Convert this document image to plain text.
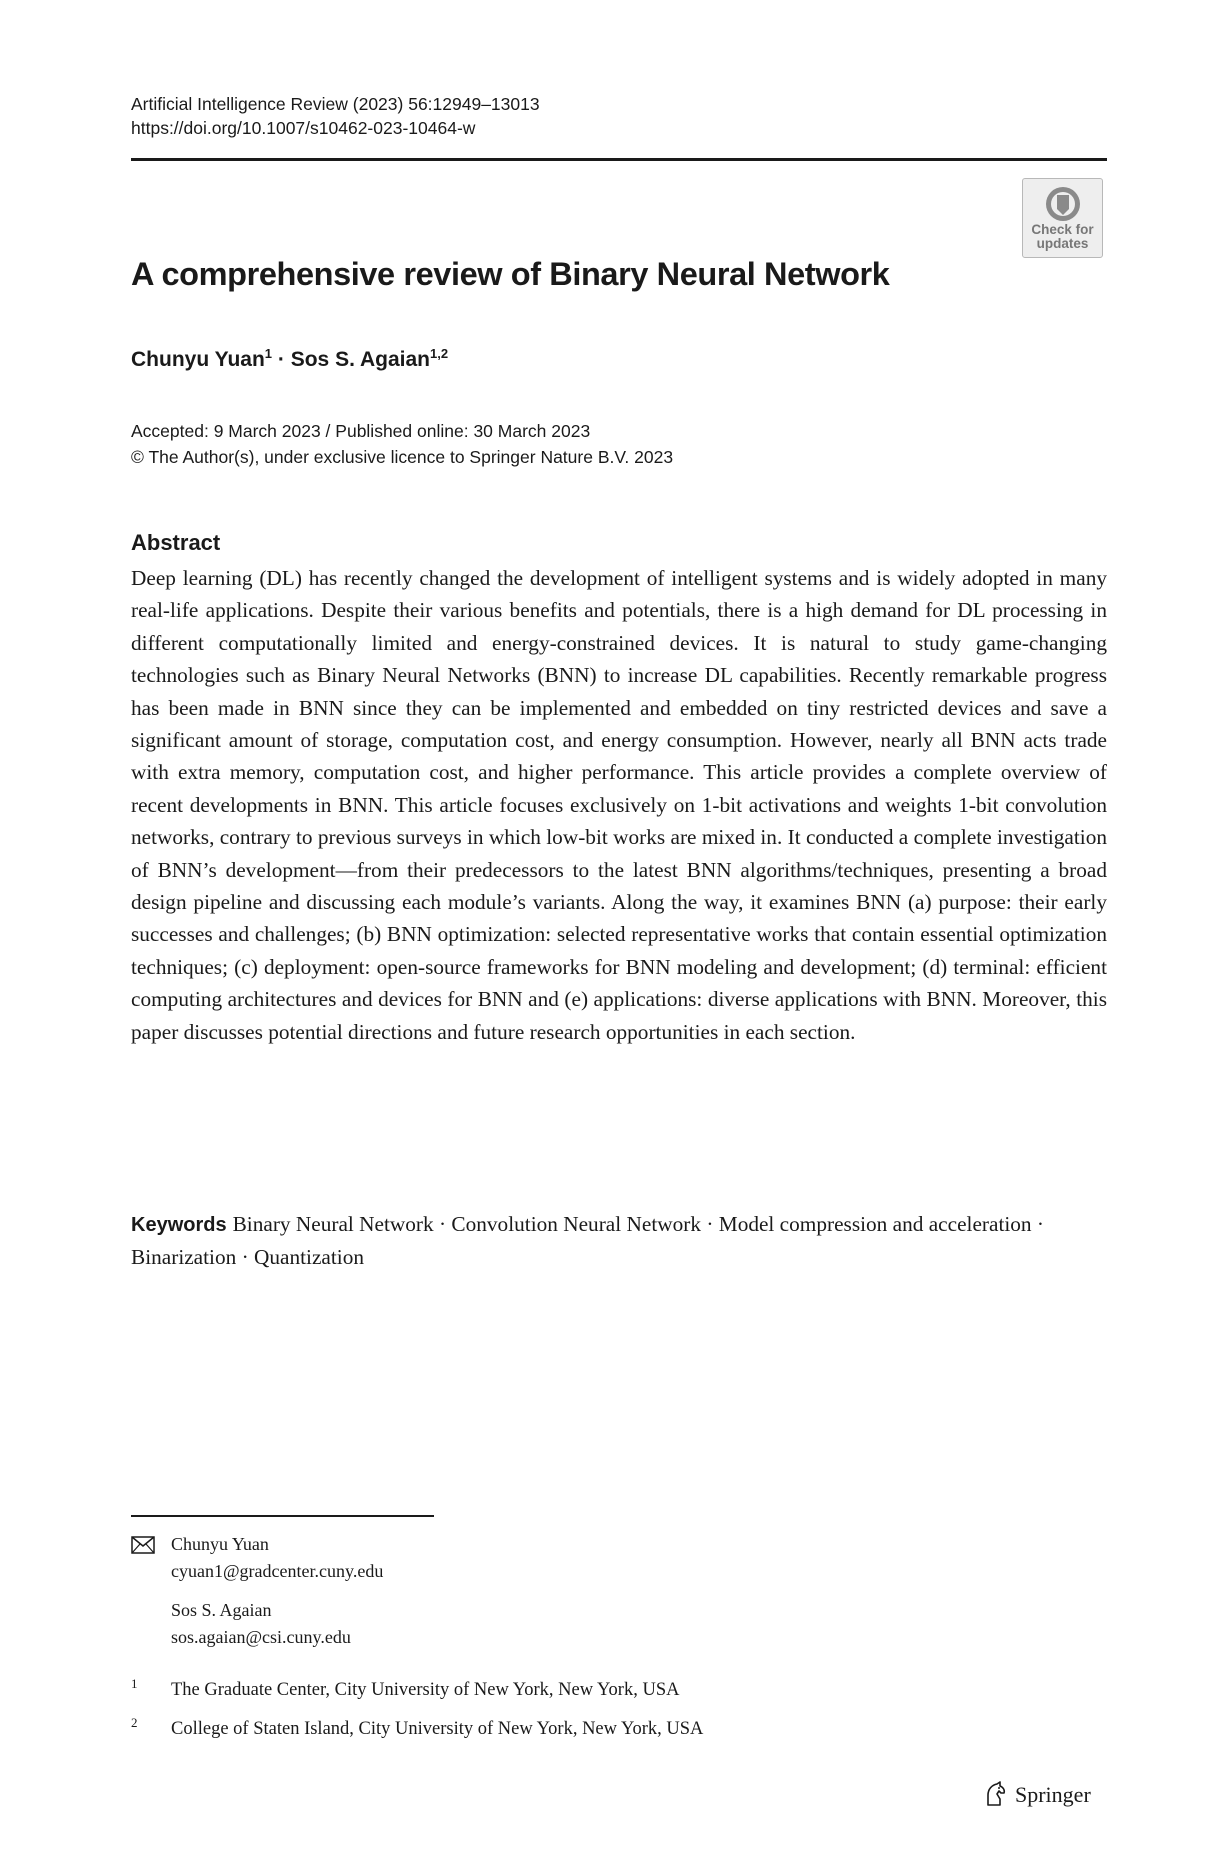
Artificial Intelligence Review (2023) 56:12949–13013
https://doi.org/10.1007/s10462-023-10464-w
Check for
updates
A comprehensive review of Binary Neural Network
Chunyu Yuan$^1$ · Sos S. Agaian$^{1,2}$
Accepted: 9 March 2023 / Published online: 30 March 2023
© The Author(s), under exclusive licence to Springer Nature B.V. 2023
Abstract
Deep learning (DL) has recently changed the development of intelligent systems and is widely adopted in many real-life applications. Despite their various benefits and potentials, there is a high demand for DL processing in different computationally limited and energy-constrained devices. It is natural to study game-changing technologies such as Binary Neural Networks (BNN) to increase DL capabilities. Recently remarkable progress has been made in BNN since they can be implemented and embedded on tiny restricted devices and save a significant amount of storage, computation cost, and energy consumption. However, nearly all BNN acts trade with extra memory, computation cost, and higher performance. This article provides a complete overview of recent developments in BNN. This article focuses exclusively on 1-bit activations and weights 1-bit convolution networks, contrary to previous surveys in which low-bit works are mixed in. It conducted a complete investigation of BNN’s development—from their predecessors to the latest BNN algorithms/techniques, presenting a broad design pipeline and discussing each module’s variants. Along the way, it examines BNN (a) purpose: their early successes and challenges; (b) BNN optimization: selected representative works that contain essential optimization techniques; (c) deployment: open-source frameworks for BNN modeling and development; (d) terminal: efficient computing architectures and devices for BNN and (e) applications: diverse applications with BNN. Moreover, this paper discusses potential directions and future research opportunities in each section.
Keywords Binary Neural Network · Convolution Neural Network · Model compression and acceleration · Binarization · Quantization
Chunyu Yuan
cyuan1@gradcenter.cuny.edu
Sos S. Agaian
sos.agaian@csi.cuny.edu
1 The Graduate Center, City University of New York, New York, USA
2 College of Staten Island, City University of New York, New York, USA
Springer
